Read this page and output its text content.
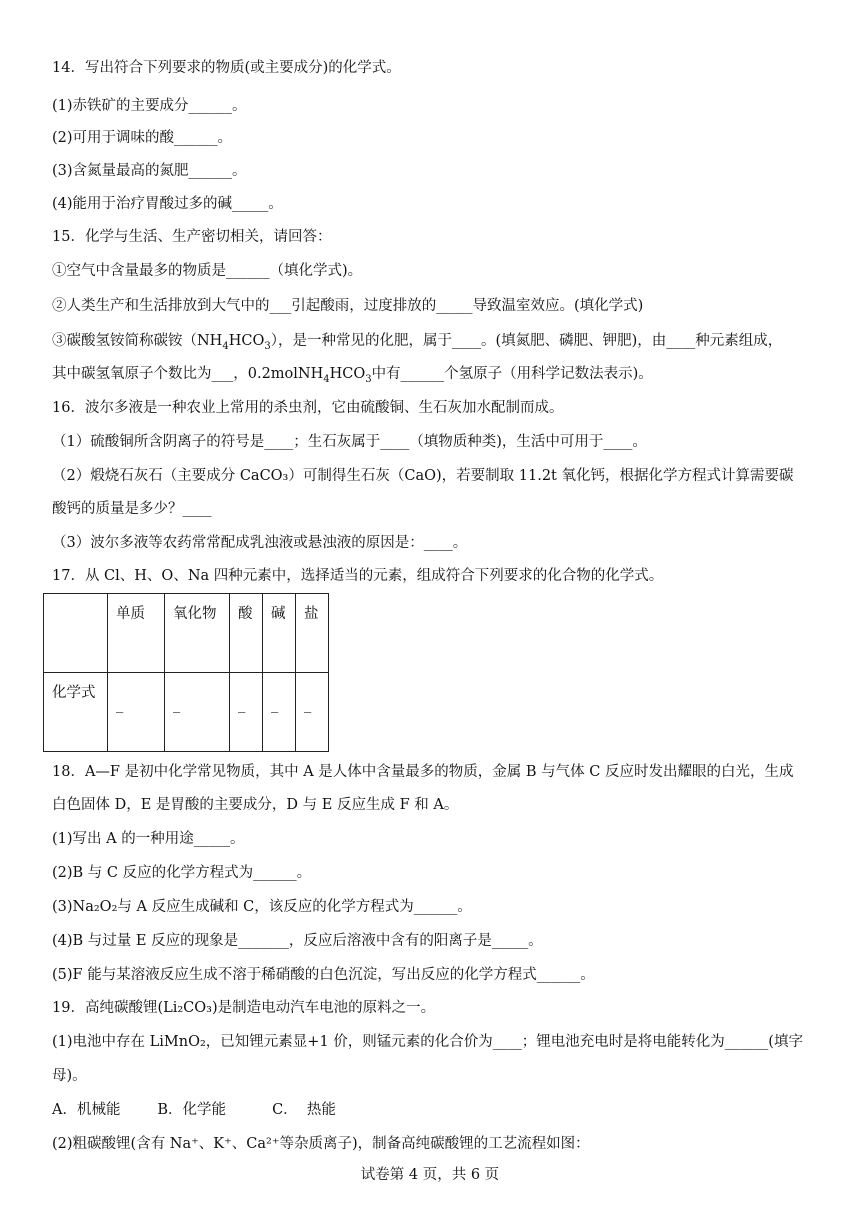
14．写出符合下列要求的物质(或主要成分)的化学式。
(1)赤铁矿的主要成分______。
(2)可用于调味的酸______。
(3)含氮量最高的氮肥______。
(4)能用于治疗胃酸过多的碱_____。
15．化学与生活、生产密切相关，请回答：
①空气中含量最多的物质是______（填化学式)。
②人类生产和生活排放到大气中的___引起酸雨，过度排放的_____导致温室效应。(填化学式)
③碳酸氢铵简称碳铵$(NH_4HCO_3)$，是一种常见的化肥，属于____。(填氮肥、磷肥、钾肥)，由____种元素组成，
其中碳氢氧原子个数比为___，$0.2molNH_4HCO_3$中有______个氢原子（用科学记数法表示)。
16．波尔多液是一种农业上常用的杀虫剂，它由硫酸铜、生石灰加水配制而成。
（1）硫酸铜所含阴离子的符号是____；生石灰属于____（填物质种类)，生活中可用于____。
（2）煅烧石灰石（主要成分 CaCO₃）可制得生石灰（CaO)，若要制取 11.2t 氧化钙，根据化学方程式计算需要碳
酸钙的质量是多少？____
（3）波尔多液等农药常常配成乳浊液或悬浊液的原因是：____。
17．从 Cl、H、O、Na 四种元素中，选择适当的元素，组成符合下列要求的化合物的化学式。
	单质	氧化物	酸	碱	盐
化学式	_	_	_	_	_
18．A—F 是初中化学常见物质，其中 A 是人体中含量最多的物质，金属 B 与气体 C 反应时发出耀眼的白光，生成
白色固体 D，E 是胃酸的主要成分，D 与 E 反应生成 F 和 A。
(1)写出 A 的一种用途_____。
(2)B 与 C 反应的化学方程式为______。
(3)Na₂O₂与 A 反应生成碱和 C，该反应的化学方程式为______。
(4)B 与过量 E 反应的现象是_______，反应后溶液中含有的阳离子是_____。
(5)F 能与某溶液反应生成不溶于稀硝酸的白色沉淀，写出反应的化学方程式______。
19．高纯碳酸锂(Li₂CO₃)是制造电动汽车电池的原料之一。
(1)电池中存在 LiMnO₂，已知锂元素显+1 价，则锰元素的化合价为____；锂电池充电时是将电能转化为______(填字
母)。
A．机械能        B．化学能          C．  热能
(2)粗碳酸锂(含有 Na⁺、K⁺、Ca²⁺等杂质离子)，制备高纯碳酸锂的工艺流程如图：
试卷第 4 页，共 6 页
